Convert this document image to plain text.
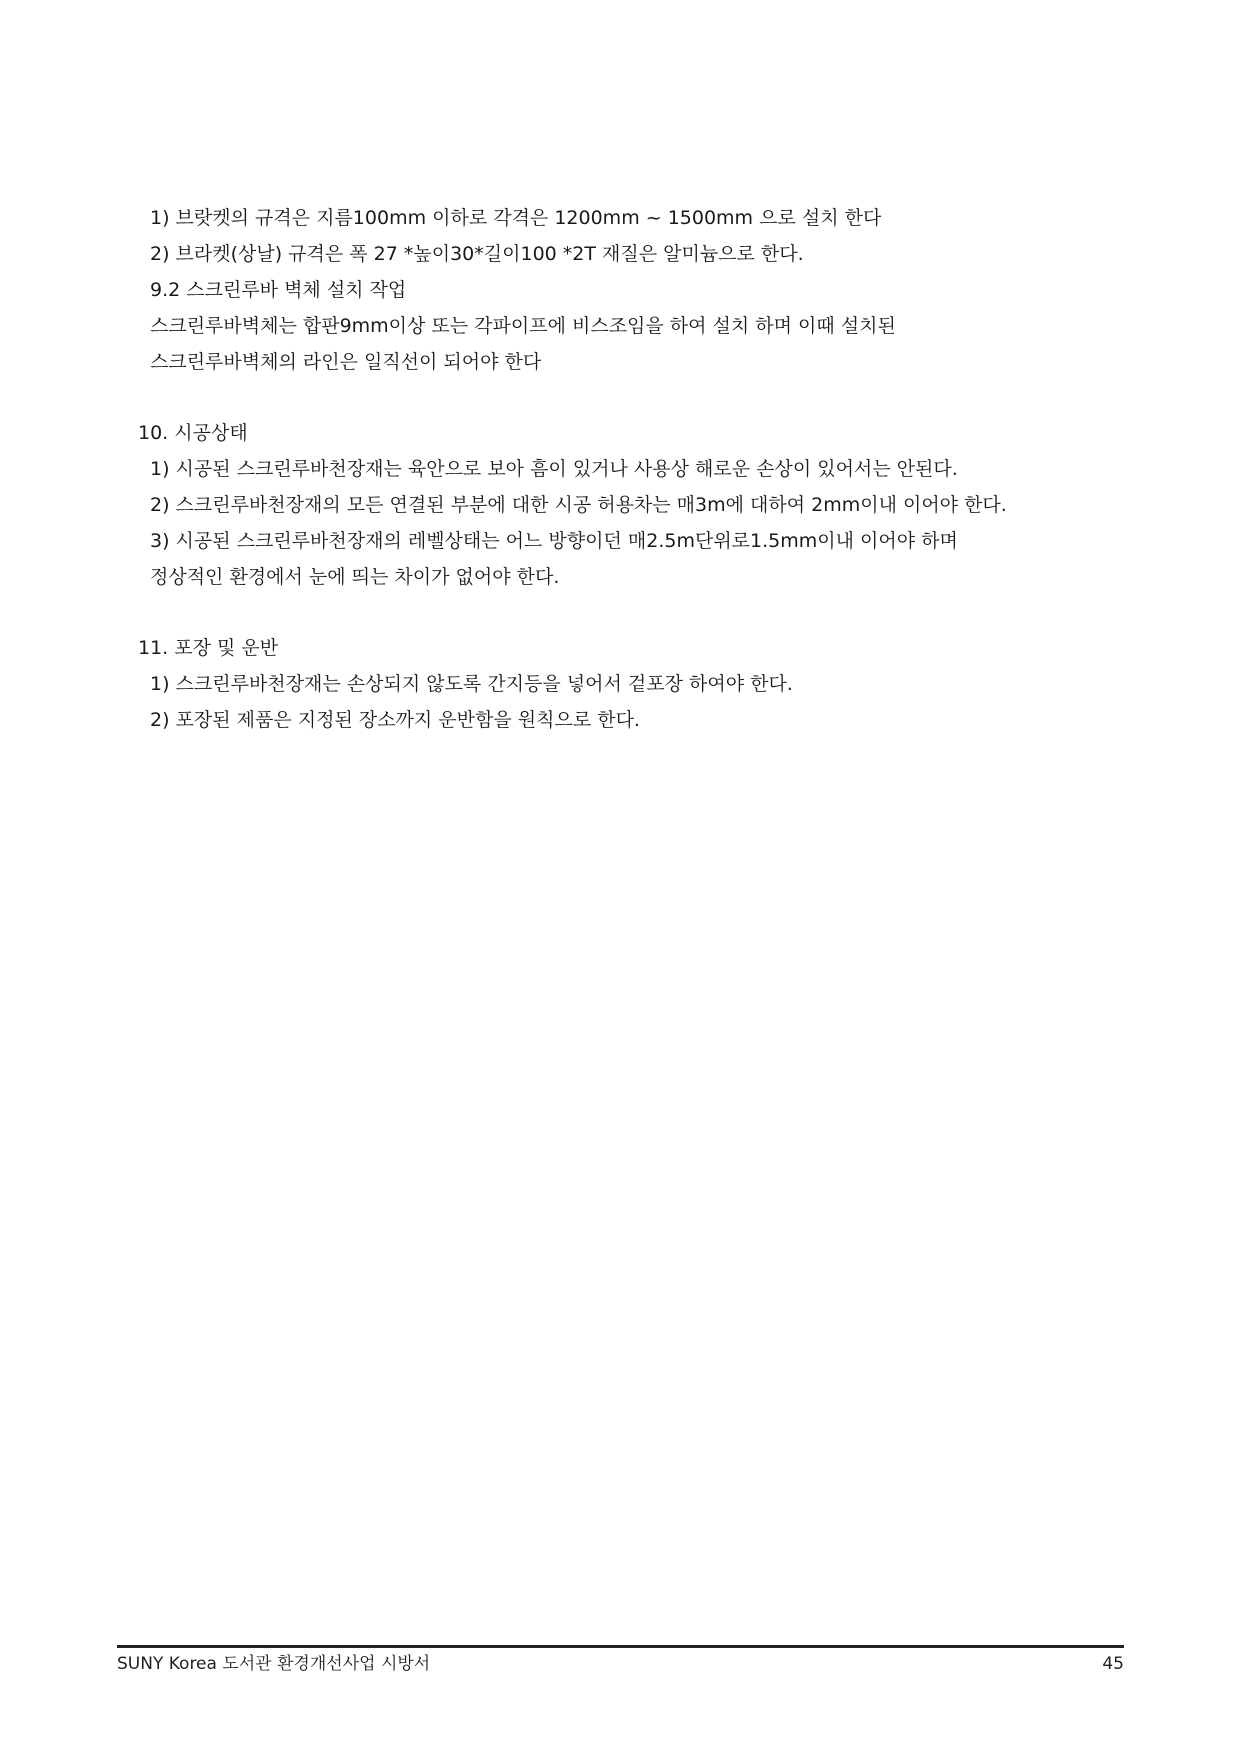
1) 브랏켓의 규격은 지름100mm 이하로 각격은 1200mm ~ 1500mm 으로 설치 한다
2) 브라켓(상날) 규격은 폭 27 *높이30*길이100 *2T 재질은 알미늄으로 한다.
9.2 스크린루바 벽체 설치 작업
스크린루바벽체는 합판9mm이상 또는 각파이프에 비스조임을 하여 설치 하며 이때 설치된
스크린루바벽체의 라인은 일직선이 되어야 한다
10. 시공상태
1) 시공된 스크린루바천장재는 육안으로 보아 흠이 있거나 사용상 해로운 손상이 있어서는 안된다.
2) 스크린루바천장재의 모든 연결된 부분에 대한 시공 허용차는 매3m에 대하여 2mm이내 이어야 한다.
3) 시공된 스크린루바천장재의 레벨상태는 어느 방향이던 매2.5m단위로1.5mm이내 이어야 하며
정상적인 환경에서 눈에 띄는 차이가 없어야 한다.
11. 포장 및 운반
1) 스크린루바천장재는 손상되지 않도록 간지등을 넣어서 겉포장 하여야 한다.
2) 포장된 제품은 지정된 장소까지 운반함을 원칙으로 한다.
SUNY Korea 도서관 환경개선사업 시방서	45
